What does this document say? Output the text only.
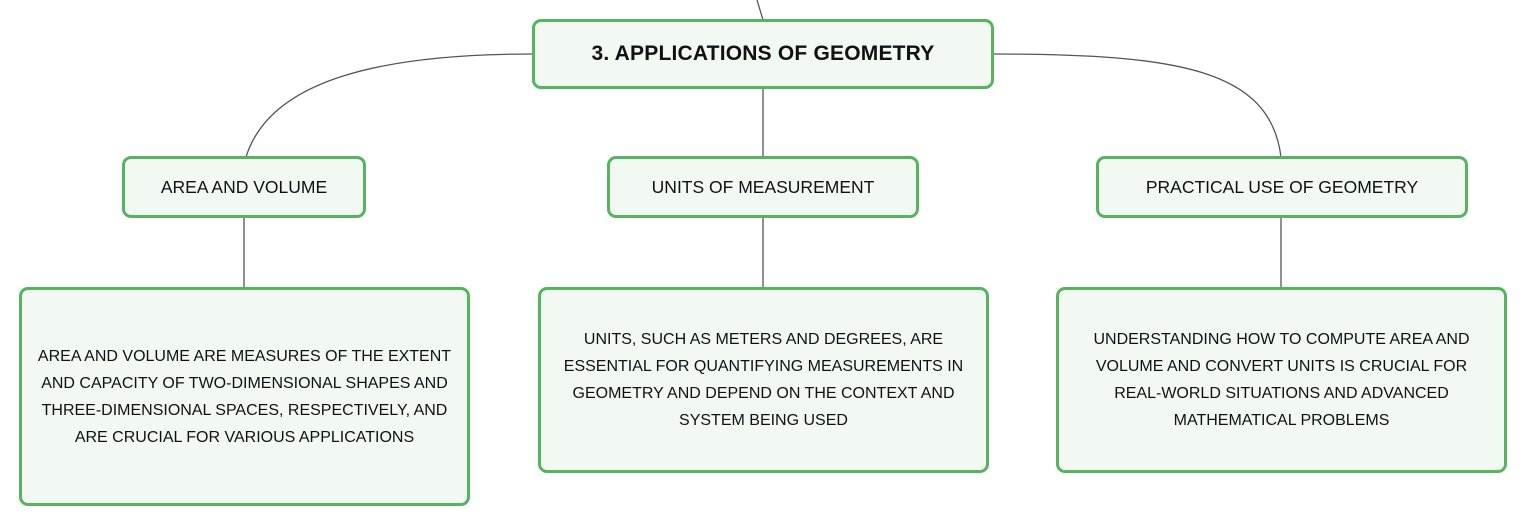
3. APPLICATIONS OF GEOMETRY
AREA AND VOLUME	UNITS OF MEASUREMENT	PRACTICAL USE OF GEOMETRY
AREA AND VOLUME ARE MEASURES OF THE EXTENT AND CAPACITY OF TWO-DIMENSIONAL SHAPES AND THREE-DIMENSIONAL SPACES, RESPECTIVELY, AND ARE CRUCIAL FOR VARIOUS APPLICATIONS
UNITS, SUCH AS METERS AND DEGREES, ARE ESSENTIAL FOR QUANTIFYING MEASUREMENTS IN GEOMETRY AND DEPEND ON THE CONTEXT AND SYSTEM BEING USED
UNDERSTANDING HOW TO COMPUTE AREA AND VOLUME AND CONVERT UNITS IS CRUCIAL FOR REAL-WORLD SITUATIONS AND ADVANCED MATHEMATICAL PROBLEMS
